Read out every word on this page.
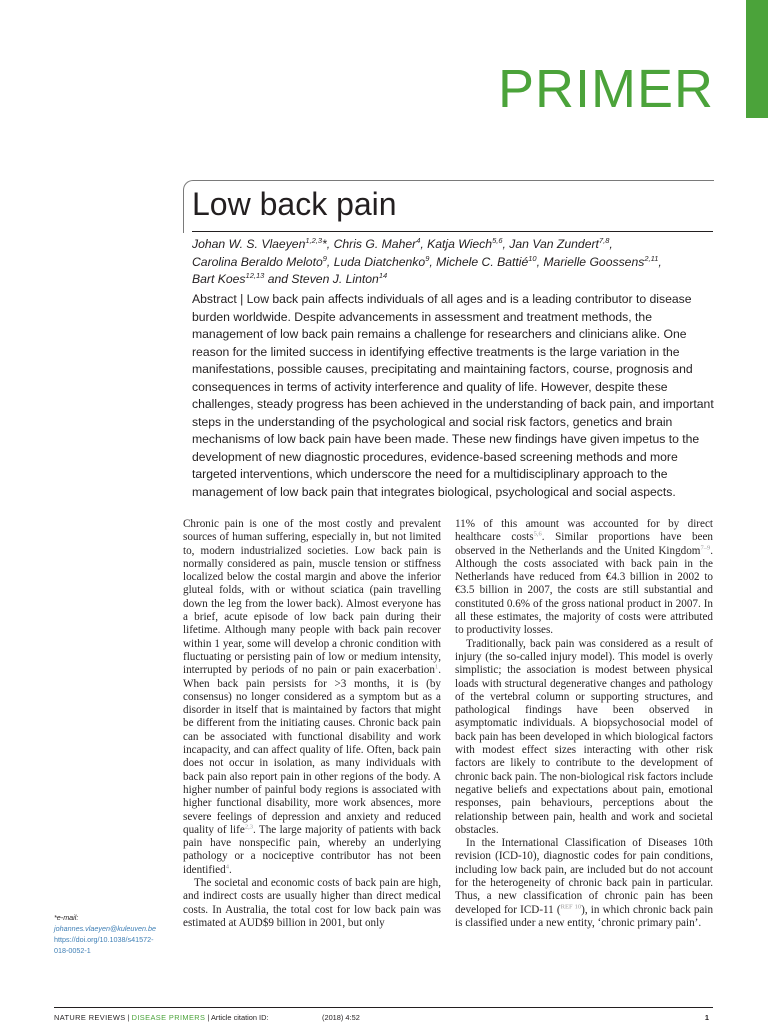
PRIMER
Low back pain

Johan W. S. Vlaeyen$^{1,2,3}$*, Chris G. Maher$^4$, Katja Wiech$^{5,6}$, Jan Van Zundert$^{7,8}$,
Carolina Beraldo Meloto$^9$, Luda Diatchenko$^9$, Michele C. Battié$^{10}$, Marielle Goossens$^{2,11}$,
Bart Koes$^{12,13}$ and Steven J. Linton$^{14}$

Abstract | Low back pain affects individuals of all ages and is a leading contributor to disease burden worldwide. Despite advancements in assessment and treatment methods, the management of low back pain remains a challenge for researchers and clinicians alike. One reason for the limited success in identifying effective treatments is the large variation in the manifestations, possible causes, precipitating and maintaining factors, course, prognosis and consequences in terms of activity interference and quality of life. However, despite these challenges, steady progress has been achieved in the understanding of back pain, and important steps in the understanding of the psychological and social risk factors, genetics and brain mechanisms of low back pain have been made. These new findings have given impetus to the development of new diagnostic procedures, evidence-based screening methods and more targeted interventions, which underscore the need for a multidisciplinary approach to the management of low back pain that integrates biological, psychological and social aspects.

Chronic pain is one of the most costly and prevalent sources of human suffering, especially in, but not limited to, modern industrialized societies. Low back pain is normally considered as pain, muscle tension or stiffness localized below the costal margin and above the inferior gluteal folds, with or without sciatica (pain travelling down the leg from the lower back). Almost everyone has a brief, acute episode of low back pain during their lifetime. Although many people with back pain recover within 1 year, some will develop a chronic condition with fluctuating or persisting pain of low or medium intensity, interrupted by periods of no pain or pain exacerbation$^1$. When back pain persists for >3 months, it is (by consensus) no longer considered as a symptom but as a disorder in itself that is maintained by factors that might be different from the initiating causes. Chronic back pain can be associated with functional disability and work incapacity, and can affect quality of life. Often, back pain does not occur in isolation, as many individuals with back pain also report pain in other regions of the body. A higher number of painful body regions is associated with higher functional disability, more work absences, more severe feelings of depression and anxiety and reduced quality of life$^{2,3}$. The large majority of patients with back pain have nonspecific pain, whereby an underlying pathology or a nociceptive contributor has not been identified$^4$.

The societal and economic costs of back pain are high, and indirect costs are usually higher than direct medical costs. In Australia, the total cost for low back pain was estimated at AUD$9 billion in 2001, but only

11% of this amount was accounted for by direct healthcare costs$^{5,6}$. Similar proportions have been observed in the Netherlands and the United Kingdom$^{7-9}$. Although the costs associated with back pain in the Netherlands have reduced from €4.3 billion in 2002 to €3.5 billion in 2007, the costs are still substantial and constituted 0.6% of the gross national product in 2007. In all these estimates, the majority of costs were attributed to productivity losses.

Traditionally, back pain was considered as a result of injury (the so-called injury model). This model is overly simplistic; the association is modest between physical loads with structural degenerative changes and pathology of the vertebral column or supporting structures, and pathological findings have been observed in asymptomatic individuals. A biopsychosocial model of back pain has been developed in which biological factors with modest effect sizes interacting with other risk factors are likely to contribute to the development of chronic back pain. The non-biological risk factors include negative beliefs and expectations about pain, emotional responses, pain behaviours, perceptions about the relationship between pain, health and work and societal obstacles.

In the International Classification of Diseases 10th revision (ICD-10), diagnostic codes for pain conditions, including low back pain, are included but do not account for the heterogeneity of chronic back pain in particular. Thus, a new classification of chronic pain has been developed for ICD-11 ($^{REF 10}$), in which chronic back pain is classified under a new entity, ‘chronic primary pain’.

*e-mail: johannes.vlaeyen@kuleuven.be
https://doi.org/10.1038/s41572-018-0052-1
NATURE REVIEWS | DISEASE PRIMERS | Article citation ID:	(2018) 4:52	1
